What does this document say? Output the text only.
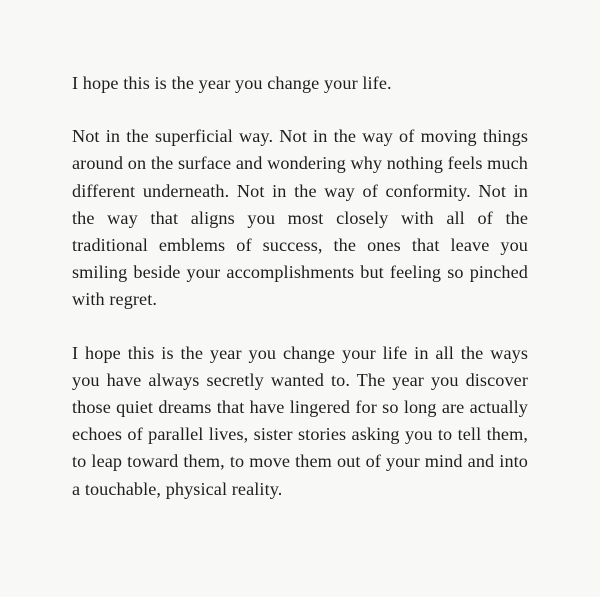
I hope this is the year you change your life.

Not in the superficial way. Not in the way of moving things around on the surface and wondering why nothing feels much different underneath. Not in the way of conformity. Not in the way that aligns you most closely with all of the traditional emblems of success, the ones that leave you smiling beside your accomplishments but feeling so pinched with regret.

I hope this is the year you change your life in all the ways you have always secretly wanted to. The year you discover those quiet dreams that have lingered for so long are actually echoes of parallel lives, sister stories asking you to tell them, to leap toward them, to move them out of your mind and into a touchable, physical reality.
